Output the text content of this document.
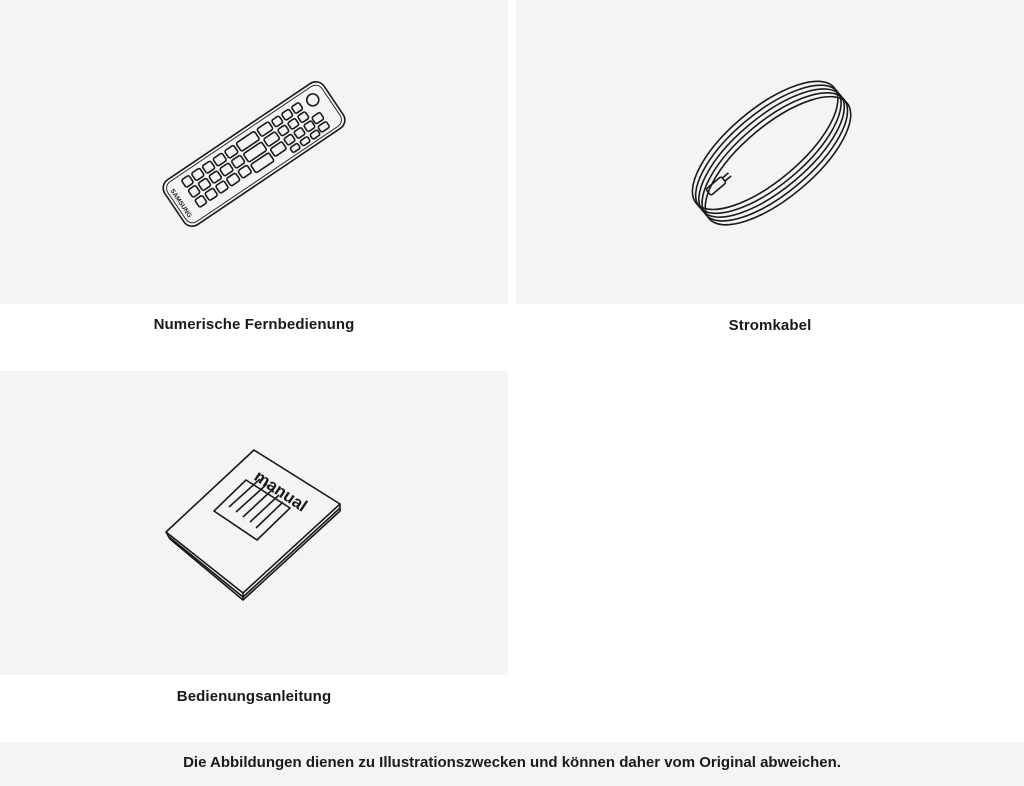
SAMSUNG
Numerische Fernbedienung	Stromkabel
manual
Bedienungsanleitung
Die Abbildungen dienen zu Illustrationszwecken und können daher vom Original abweichen.
